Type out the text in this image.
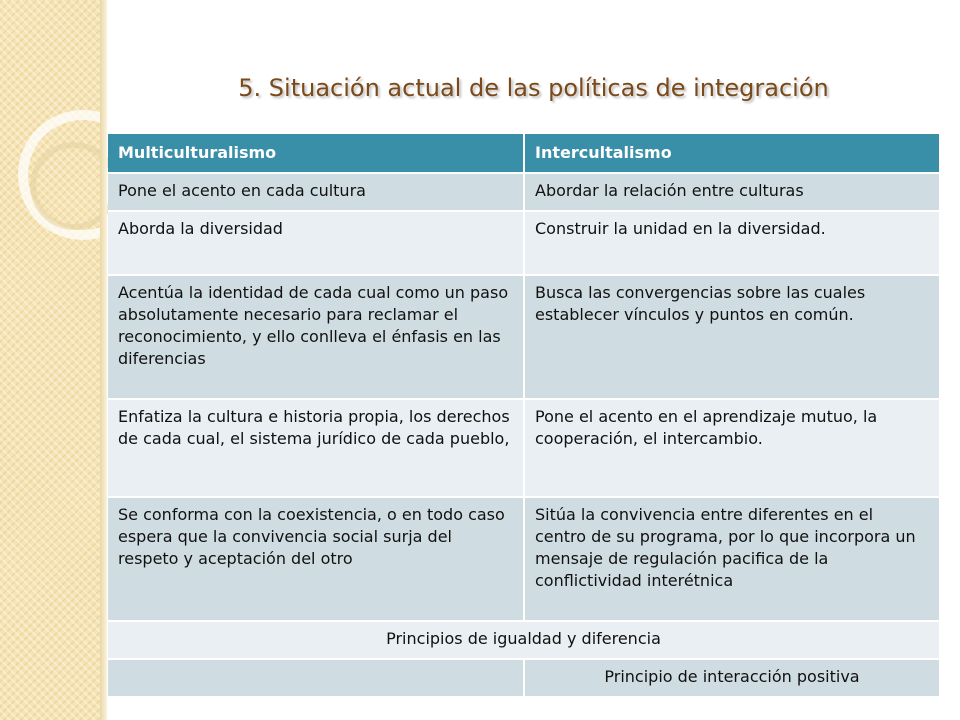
5. Situación actual de las políticas de integración
Multiculturalismo	Intercultalismo
Pone el acento en cada cultura	Abordar la relación entre culturas
Aborda la diversidad	Construir la unidad en la diversidad.
Acentúa la identidad de cada cual como un paso absolutamente necesario para reclamar el reconocimiento, y ello conlleva el énfasis en las diferencias	Busca las convergencias sobre las cuales establecer vínculos y puntos en común.
Enfatiza la cultura e historia propia, los derechos de cada cual, el sistema jurídico de cada pueblo,	Pone el acento en el aprendizaje mutuo, la cooperación, el intercambio.
Se conforma con la coexistencia, o en todo caso espera que la convivencia social surja del respeto y aceptación del otro	Sitúa la convivencia entre diferentes en el centro de su programa, por lo que incorpora un mensaje de regulación pacifica de la conflictividad interétnica
Principios de igualdad y diferencia	
	Principio de interacción positiva
